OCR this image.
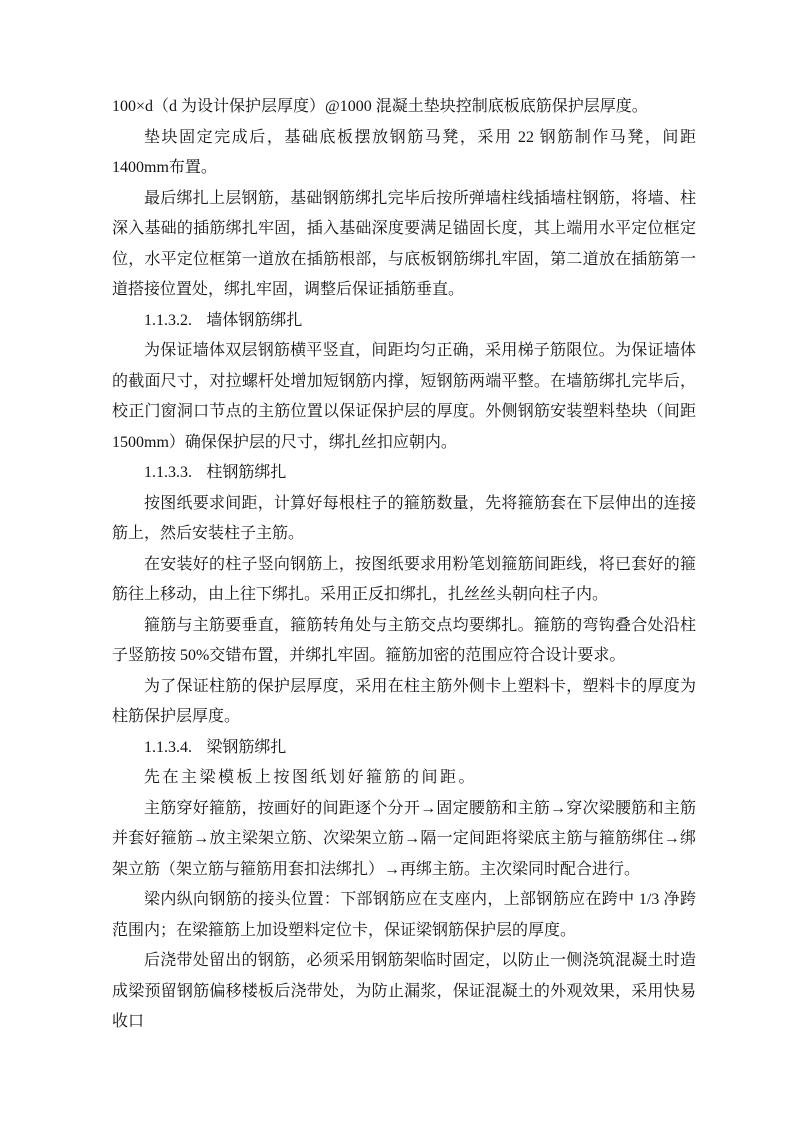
100×d（d 为设计保护层厚度）@1000 混凝土垫块控制底板底筋保护层厚度。

垫块固定完成后，基础底板摆放钢筋马凳，采用 22 钢筋制作马凳，间距 1400mm布置。

最后绑扎上层钢筋，基础钢筋绑扎完毕后按所弹墙柱线插墙柱钢筋，将墙、柱深入基础的插筋绑扎牢固，插入基础深度要满足锚固长度，其上端用水平定位框定位，水平定位框第一道放在插筋根部，与底板钢筋绑扎牢固，第二道放在插筋第一道搭接位置处，绑扎牢固，调整后保证插筋垂直。

1.1.3.2. 墙体钢筋绑扎

为保证墙体双层钢筋横平竖直，间距均匀正确，采用梯子筋限位。为保证墙体的截面尺寸，对拉螺杆处增加短钢筋内撑，短钢筋两端平整。在墙筋绑扎完毕后，校正门窗洞口节点的主筋位置以保证保护层的厚度。外侧钢筋安装塑料垫块（间距1500mm）确保保护层的尺寸，绑扎丝扣应朝内。

1.1.3.3. 柱钢筋绑扎

按图纸要求间距，计算好每根柱子的箍筋数量，先将箍筋套在下层伸出的连接筋上，然后安装柱子主筋。

在安装好的柱子竖向钢筋上，按图纸要求用粉笔划箍筋间距线，将已套好的箍筋往上移动，由上往下绑扎。采用正反扣绑扎，扎丝丝头朝向柱子内。

箍筋与主筋要垂直，箍筋转角处与主筋交点均要绑扎。箍筋的弯钩叠合处沿柱子竖筋按 50%交错布置，并绑扎牢固。箍筋加密的范围应符合设计要求。

为了保证柱筋的保护层厚度，采用在柱主筋外侧卡上塑料卡，塑料卡的厚度为柱筋保护层厚度。

1.1.3.4. 梁钢筋绑扎

先在主梁模板上按图纸划好箍筋的间距。

主筋穿好箍筋，按画好的间距逐个分开→固定腰筋和主筋→穿次梁腰筋和主筋并套好箍筋→放主梁架立筋、次梁架立筋→隔一定间距将梁底主筋与箍筋绑住→绑架立筋（架立筋与箍筋用套扣法绑扎）→再绑主筋。主次梁同时配合进行。

梁内纵向钢筋的接头位置：下部钢筋应在支座内，上部钢筋应在跨中 1/3 净跨范围内；在梁箍筋上加设塑料定位卡，保证梁钢筋保护层的厚度。

后浇带处留出的钢筋，必须采用钢筋架临时固定，以防止一侧浇筑混凝土时造成梁预留钢筋偏移楼板后浇带处，为防止漏浆，保证混凝土的外观效果，采用快易收口
